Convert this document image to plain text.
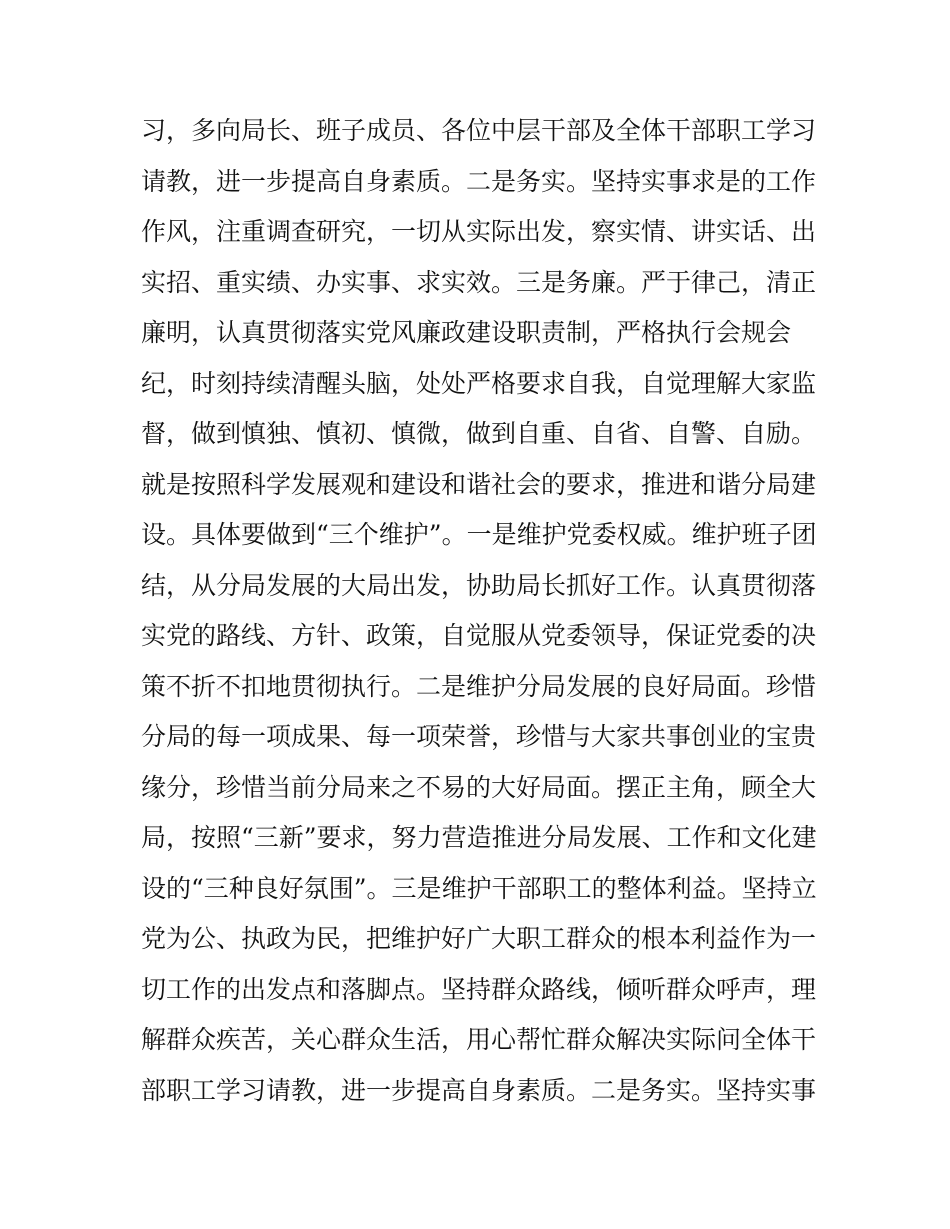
习，多向局长、班子成员、各位中层干部及全体干部职工学习
请教，进一步提高自身素质。二是务实。坚持实事求是的工作
作风，注重调查研究，一切从实际出发，察实情、讲实话、出
实招、重实绩、办实事、求实效。三是务廉。严于律己，清正
廉明，认真贯彻落实党风廉政建设职责制，严格执行会规会
纪，时刻持续清醒头脑，处处严格要求自我，自觉理解大家监
督，做到慎独、慎初、慎微，做到自重、自省、自警、自励。
就是按照科学发展观和建设和谐社会的要求，推进和谐分局建
设。具体要做到“三个维护”。一是维护党委权威。维护班子团
结，从分局发展的大局出发，协助局长抓好工作。认真贯彻落
实党的路线、方针、政策，自觉服从党委领导，保证党委的决
策不折不扣地贯彻执行。二是维护分局发展的良好局面。珍惜
分局的每一项成果、每一项荣誉，珍惜与大家共事创业的宝贵
缘分，珍惜当前分局来之不易的大好局面。摆正主角，顾全大
局，按照“三新”要求，努力营造推进分局发展、工作和文化建
设的“三种良好氛围”。三是维护干部职工的整体利益。坚持立
党为公、执政为民，把维护好广大职工群众的根本利益作为一
切工作的出发点和落脚点。坚持群众路线，倾听群众呼声，理
解群众疾苦，关心群众生活，用心帮忙群众解决实际问全体干
部职工学习请教，进一步提高自身素质。二是务实。坚持实事
